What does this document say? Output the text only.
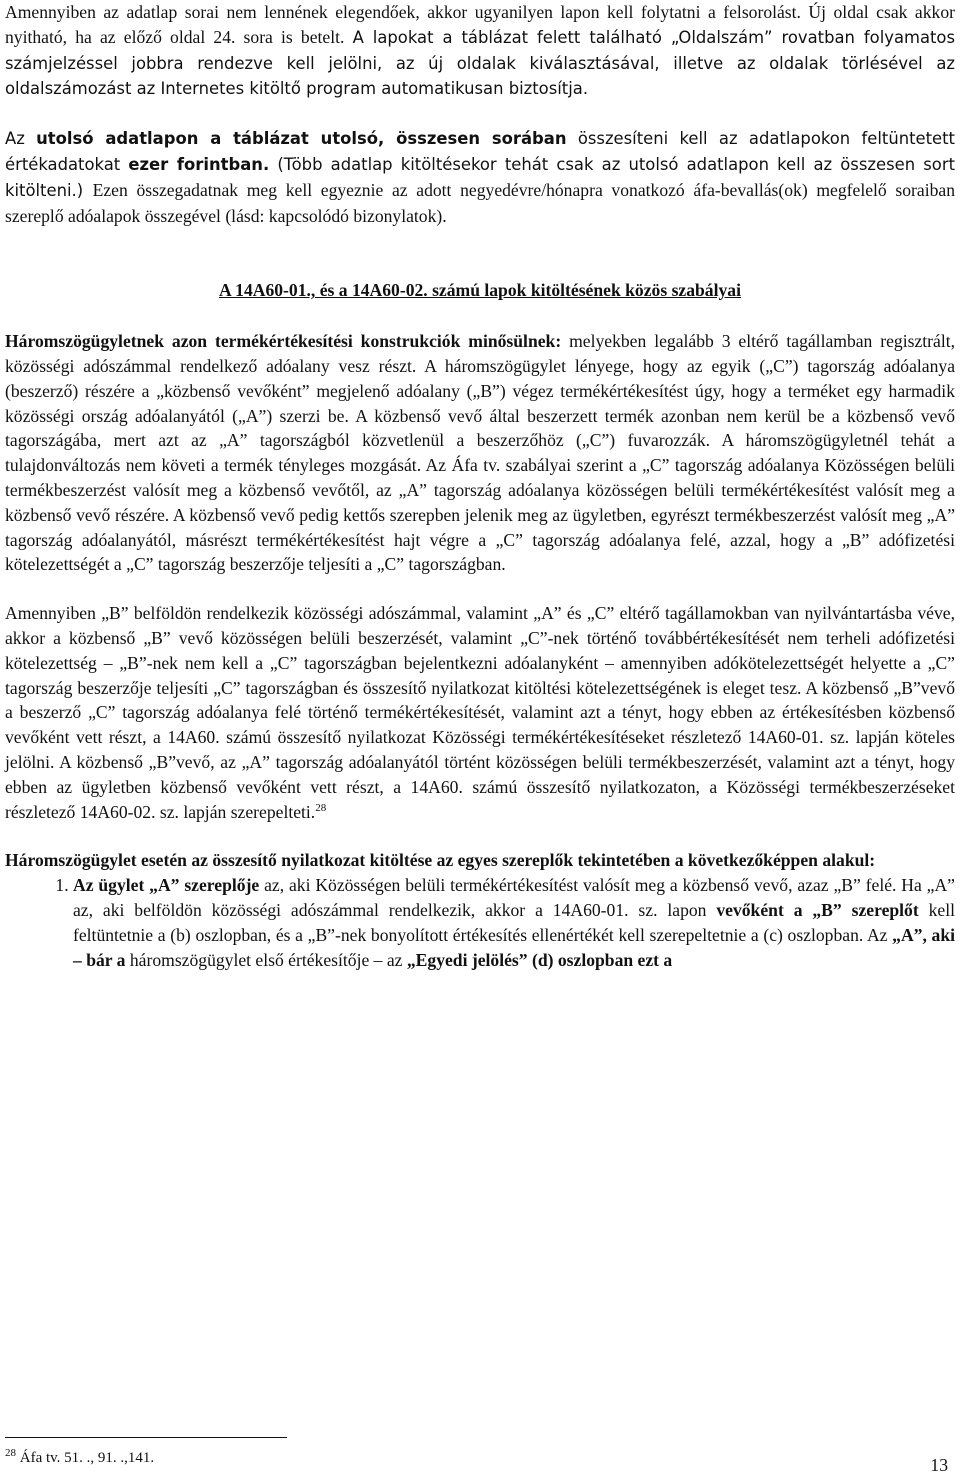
Amennyiben az adatlap sorai nem lennének elegendőek, akkor ugyanilyen lapon kell folytatni a felsorolást. Új oldal csak akkor nyitható, ha az előző oldal 24. sora is betelt. A lapokat a táblázat felett található „Oldalszám” rovatban folyamatos számjelzéssel jobbra rendezve kell jelölni, az új oldalak kiválasztásával, illetve az oldalak törlésével az oldalszámozást az Internetes kitöltő program automatikusan biztosítja.

Az utolsó adatlapon a táblázat utolsó, összesen sorában összesíteni kell az adatlapokon feltüntetett értékadatokat ezer forintban. (Több adatlap kitöltésekor tehát csak az utolsó adatlapon kell az összesen sort kitölteni.) Ezen összegadatnak meg kell egyeznie az adott negyedévre/hónapra vonatkozó áfa-bevallás(ok) megfelelő soraiban szereplő adóalapok összegével (lásd: kapcsolódó bizonylatok).

A 14A60-01., és a 14A60-02. számú lapok kitöltésének közös szabályai

Háromszögügyletnek azon termékértékesítési konstrukciók minősülnek: melyekben legalább 3 eltérő tagállamban regisztrált, közösségi adószámmal rendelkező adóalany vesz részt. A háromszögügylet lényege, hogy az egyik („C”) tagország adóalanya (beszerző) részére a „közbenső vevőként” megjelenő adóalany („B”) végez termékértékesítést úgy, hogy a terméket egy harmadik közösségi ország adóalanyától („A”) szerzi be. A közbenső vevő által beszerzett termék azonban nem kerül be a közbenső vevő tagországába, mert azt az „A” tagországból közvetlenül a beszerzőhöz („C”) fuvarozzák. A háromszögügyletnél tehát a tulajdonváltozás nem követi a termék tényleges mozgását. Az Áfa tv. szabályai szerint a „C” tagország adóalanya Közösségen belüli termékbeszerzést valósít meg a közbenső vevőtől, az „A” tagország adóalanya közösségen belüli termékértékesítést valósít meg a közbenső vevő részére. A közbenső vevő pedig kettős szerepben jelenik meg az ügyletben, egyrészt termékbeszerzést valósít meg „A” tagország adóalanyától, másrészt termékértékesítést hajt végre a „C” tagország adóalanya felé, azzal, hogy a „B” adófizetési kötelezettségét a „C” tagország beszerzője teljesíti a „C” tagországban.

Amennyiben „B” belföldön rendelkezik közösségi adószámmal, valamint „A” és „C” eltérő tagállamokban van nyilvántartásba véve, akkor a közbenső „B” vevő közösségen belüli beszerzését, valamint „C”-nek történő továbbértékesítését nem terheli adófizetési kötelezettség – „B”-nek nem kell a „C” tagországban bejelentkezni adóalanyként – amennyiben adókötelezettségét helyette a „C” tagország beszerzője teljesíti „C” tagországban és összesítő nyilatkozat kitöltési kötelezettségének is eleget tesz. A közbenső „B”vevő a beszerző „C” tagország adóalanya felé történő termékértékesítését, valamint azt a tényt, hogy ebben az értékesítésben közbenső vevőként vett részt, a 14A60. számú összesítő nyilatkozat Közösségi termékértékesítéseket részletező 14A60-01. sz. lapján köteles jelölni. A közbenső „B”vevő, az „A” tagország adóalanyától történt közösségen belüli termékbeszerzését, valamint azt a tényt, hogy ebben az ügyletben közbenső vevőként vett részt, a 14A60. számú összesítő nyilatkozaton, a Közösségi termékbeszerzéseket részletező 14A60-02. sz. lapján szerepelteti.$^{28}$

Háromszögügylet esetén az összesítő nyilatkozat kitöltése az egyes szereplők tekintetében a következőképpen alakul:

1. Az ügylet „A” szereplője az, aki Közösségen belüli termékértékesítést valósít meg a közbenső vevő, azaz „B” felé. Ha „A” az, aki belföldön közösségi adószámmal rendelkezik, akkor a 14A60-01. sz. lapon vevőként a „B” szereplőt kell feltüntetnie a (b) oszlopban, és a „B”-nek bonyolított értékesítés ellenértékét kell szerepeltetnie a (c) oszlopban. Az „A”, aki – bár a háromszögügylet első értékesítője – az „Egyedi jelölés” (d) oszlopban ezt a
$^{28}$ Áfa tv. 51. ., 91. .,141.	13
